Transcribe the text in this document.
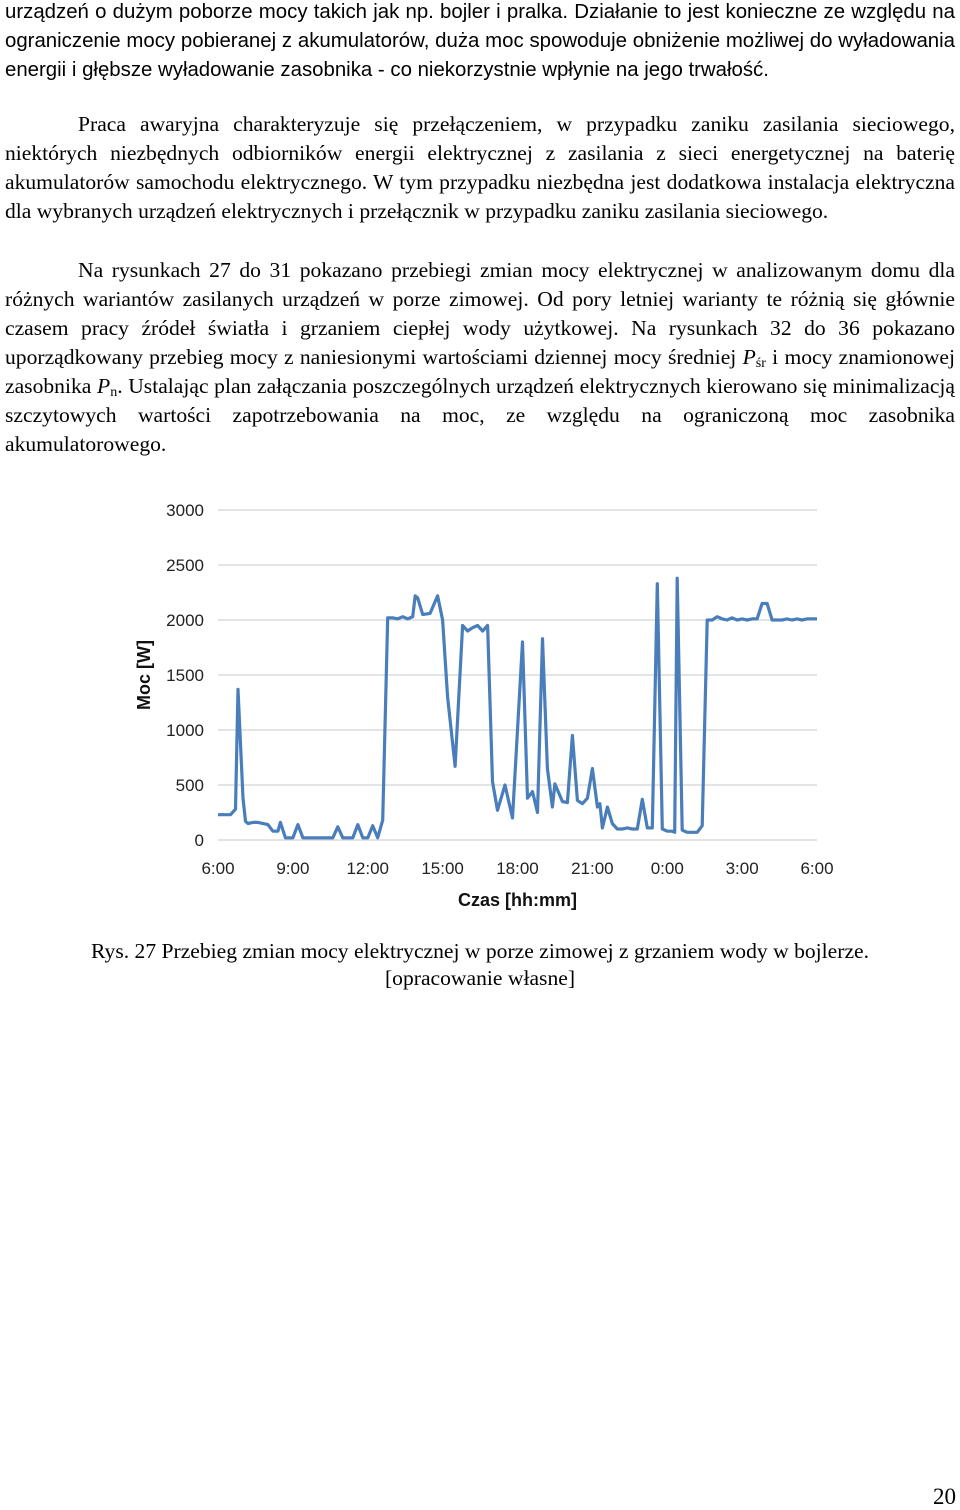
urządzeń o dużym poborze mocy takich jak np. bojler i pralka. Działanie to jest konieczne ze względu na ograniczenie mocy pobieranej z akumulatorów, duża moc spowoduje obniżenie możliwej do wyładowania energii i głębsze wyładowanie zasobnika - co niekorzystnie wpłynie na jego trwałość.

Praca awaryjna charakteryzuje się przełączeniem, w przypadku zaniku zasilania sieciowego, niektórych niezbędnych odbiorników energii elektrycznej z zasilania z sieci energetycznej na baterię akumulatorów samochodu elektrycznego. W tym przypadku niezbędna jest dodatkowa instalacja elektryczna dla wybranych urządzeń elektrycznych i przełącznik w przypadku zaniku zasilania sieciowego.

Na rysunkach 27 do 31 pokazano przebiegi zmian mocy elektrycznej w analizowanym domu dla różnych wariantów zasilanych urządzeń w porze zimowej. Od pory letniej warianty te różnią się głównie czasem pracy źródeł światła i grzaniem ciepłej wody użytkowej. Na rysunkach 32 do 36 pokazano uporządkowany przebieg mocy z naniesionymi wartościami dziennej mocy średniej $P_{śr}$ i mocy znamionowej zasobnika $P_n$. Ustalając plan załączania poszczególnych urządzeń elektrycznych kierowano się minimalizacją szczytowych wartości zapotrzebowania na moc, ze względu na ograniczoną moc zasobnika akumulatorowego.

0
500
1000
1500
2000
2500
3000
6:00 9:00 12:00 15:00 18:00 21:00 0:00 3:00 6:00
Moc [W]
Czas [hh:mm]
Rys. 27 Przebieg zmian mocy elektrycznej w porze zimowej z grzaniem wody w bojlerze.
[opracowanie własne]
20
